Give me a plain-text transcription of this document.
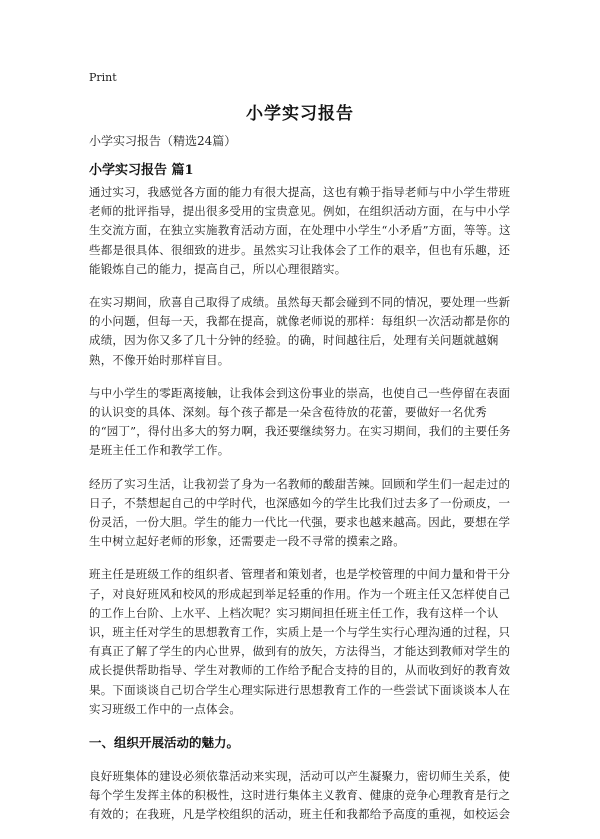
Print
小学实习报告
小学实习报告（精选24篇）
小学实习报告 篇1

通过实习，我感觉各方面的能力有很大提高，这也有赖于指导老师与中小学生带班老师的批评指导，提出很多受用的宝贵意见。例如，在组织活动方面，在与中小学生交流方面，在独立实施教育活动方面，在处理中小学生“小矛盾”方面，等等。这些都是很具体、很细致的进步。虽然实习让我体会了工作的艰辛，但也有乐趣，还能锻炼自己的能力，提高自己，所以心理很踏实。

在实习期间，欣喜自己取得了成绩。虽然每天都会碰到不同的情况，要处理一些新的小问题，但每一天，我都在提高，就像老师说的那样：每组织一次活动都是你的成绩，因为你又多了几十分钟的经验。的确，时间越往后，处理有关问题就越娴熟，不像开始时那样盲目。

与中小学生的零距离接触，让我体会到这份事业的崇高，也使自己一些停留在表面的认识变的具体、深刻。每个孩子都是一朵含苞待放的花蕾，要做好一名优秀的“园丁”，得付出多大的努力啊，我还要继续努力。在实习期间，我们的主要任务是班主任工作和教学工作。

经历了实习生活，让我初尝了身为一名教师的酸甜苦辣。回顾和学生们一起走过的日子，不禁想起自己的中学时代，也深感如今的学生比我们过去多了一份顽皮，一份灵活，一份大胆。学生的能力一代比一代强，要求也越来越高。因此，要想在学生中树立起好老师的形象，还需要走一段不寻常的摸索之路。

班主任是班级工作的组织者、管理者和策划者，也是学校管理的中间力量和骨干分子，对良好班风和校风的形成起到举足轻重的作用。作为一个班主任又怎样使自己的工作上台阶、上水平、上档次呢？实习期间担任班主任工作，我有这样一个认识，班主任对学生的思想教育工作，实质上是一个与学生实行心理沟通的过程，只有真正了解了学生的内心世界，做到有的放矢，方法得当，才能达到教师对学生的成长提供帮助指导、学生对教师的工作给予配合支持的目的，从而收到好的教育效果。下面谈谈自己切合学生心理实际进行思想教育工作的一些尝试下面谈谈本人在实习班级工作中的一点体会。

一、组织开展活动的魅力。

良好班集体的建设必须依靠活动来实现，活动可以产生凝聚力，密切师生关系，使每个学生发挥主体的积极性，这时进行集体主义教育、健康的竞争心理教育是行之有效的；在我班，凡是学校组织的活动，班主任和我都给予高度的重视，如校运会
